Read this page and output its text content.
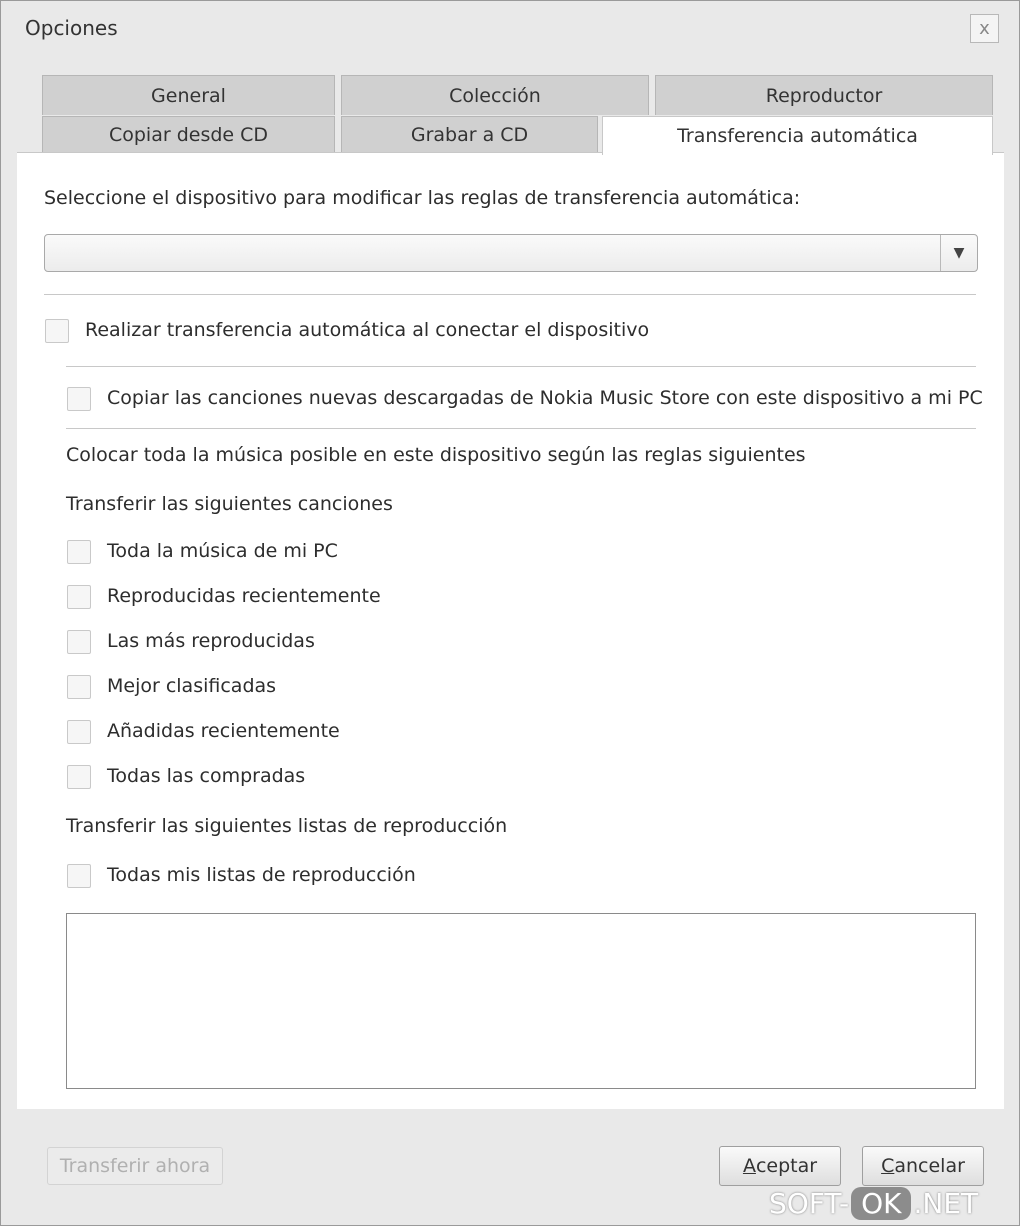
Opciones	x
General	Colección	Reproductor
Copiar desde CD	Grabar a CD	Transferencia automática
Seleccione el dispositivo para modificar las reglas de transferencia automática:
▼
Realizar transferencia automática al conectar el dispositivo
Copiar las canciones nuevas descargadas de Nokia Music Store con este dispositivo a mi PC
Colocar toda la música posible en este dispositivo según las reglas siguientes
Transferir las siguientes canciones
Toda la música de mi PC
Reproducidas recientemente
Las más reproducidas
Mejor clasificadas
Añadidas recientemente
Todas las compradas
Transferir las siguientes listas de reproducción
Todas mis listas de reproducción
Transferir ahora	A ceptar	C ancelar
SOFT- OK .NET
